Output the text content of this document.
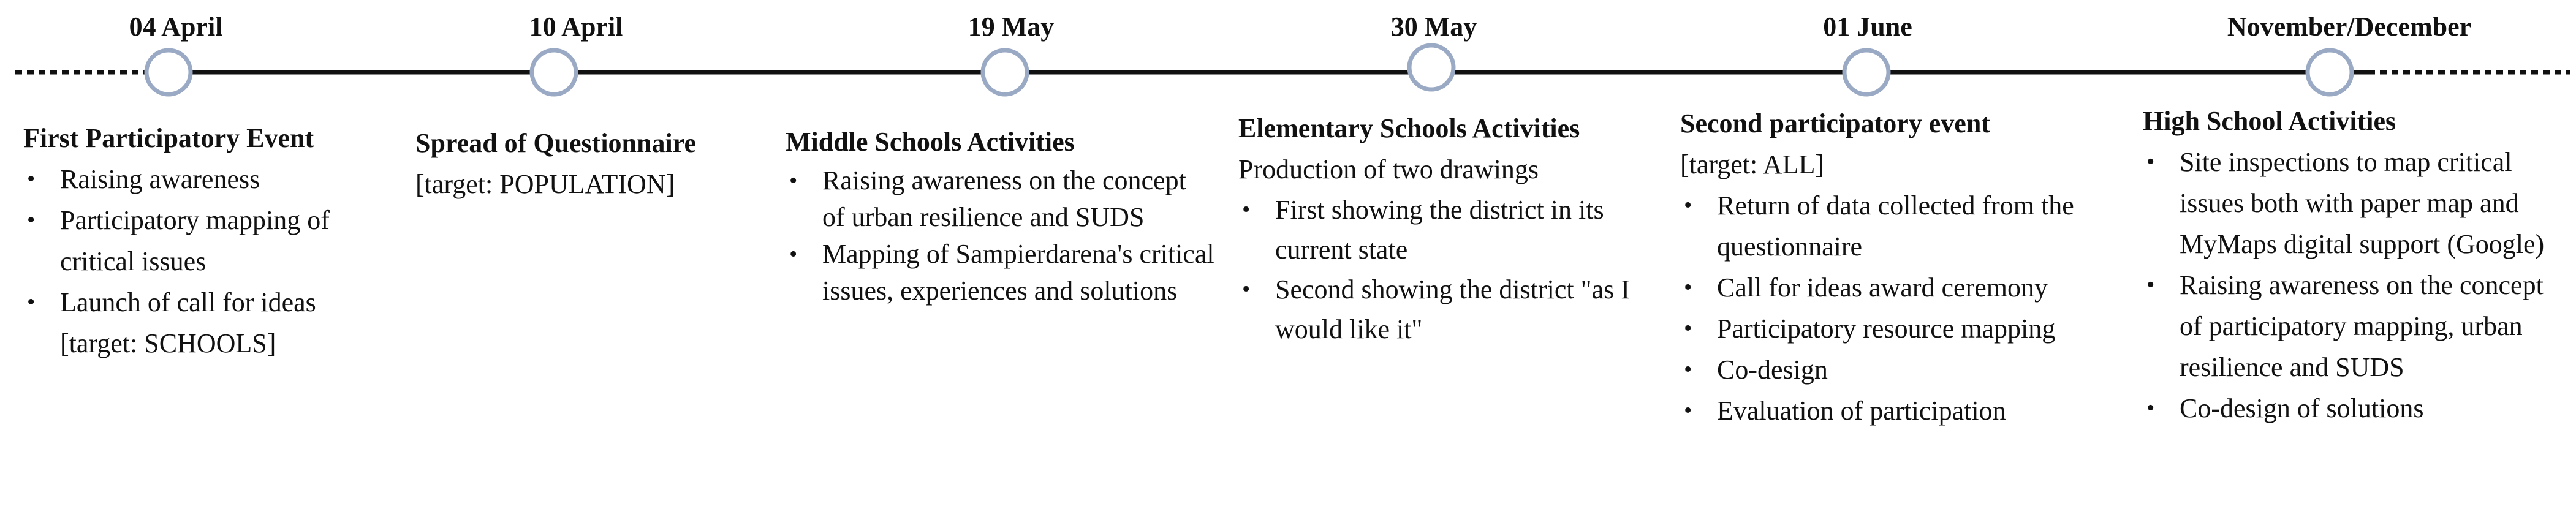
04 April	10 April	19 May	30 May	01 June	November/December
First Participatory Event
• Raising awareness
• Participatory mapping of critical issues
• Launch of call for ideas [target: SCHOOLS]
Spread of Questionnaire
[target: POPULATION]
Middle Schools Activities
• Raising awareness on the concept of urban resilience and SUDS
• Mapping of Sampierdarena's critical issues, experiences and solutions
Elementary Schools Activities
Production of two drawings
• First showing the district in its current state
• Second showing the district "as I would like it"
Second participatory event
[target: ALL]
• Return of data collected from the questionnaire
• Call for ideas award ceremony
• Participatory resource mapping
• Co-design
• Evaluation of participation
High School Activities
• Site inspections to map critical issues both with paper map and MyMaps digital support (Google)
• Raising awareness on the concept of participatory mapping, urban resilience and SUDS
• Co-design of solutions
